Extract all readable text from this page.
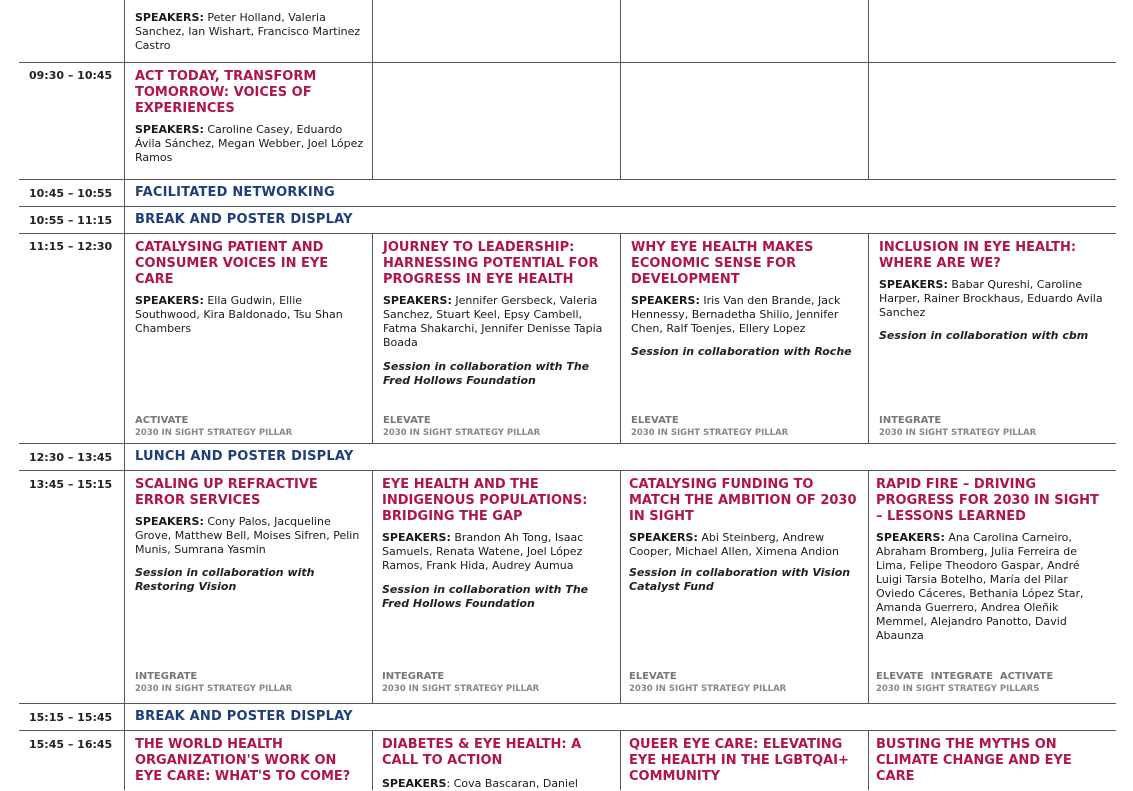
SPEAKERS: Peter Holland, Valeria Sanchez, Ian Wishart, Francisco Martinez Castro
09:30 – 10:45 ACT TODAY, TRANSFORM TOMORROW: VOICES OF EXPERIENCES
SPEAKERS: Caroline Casey, Eduardo Ávila Sánchez, Megan Webber, Joel López Ramos
10:45 – 10:55 FACILITATED NETWORKING
10:55 – 11:15 BREAK AND POSTER DISPLAY
11:15 – 12:30 CATALYSING PATIENT AND CONSUMER VOICES IN EYE CARE
SPEAKERS: Ella Gudwin, Ellie Southwood, Kira Baldonado, Tsu Shan Chambers
ACTIVATE
2030 IN SIGHT STRATEGY PILLAR
JOURNEY TO LEADERSHIP: HARNESSING POTENTIAL FOR PROGRESS IN EYE HEALTH
SPEAKERS: Jennifer Gersbeck, Valeria Sanchez, Stuart Keel, Epsy Cambell, Fatma Shakarchi, Jennifer Denisse Tapia Boada
Session in collaboration with The Fred Hollows Foundation
ELEVATE
2030 IN SIGHT STRATEGY PILLAR
WHY EYE HEALTH MAKES ECONOMIC SENSE FOR DEVELOPMENT
SPEAKERS: Iris Van den Brande, Jack Hennessy, Bernadetha Shilio, Jennifer Chen, Ralf Toenjes, Ellery Lopez
Session in collaboration with Roche
ELEVATE
2030 IN SIGHT STRATEGY PILLAR
INCLUSION IN EYE HEALTH: WHERE ARE WE?
SPEAKERS: Babar Qureshi, Caroline Harper, Rainer Brockhaus, Eduardo Avila Sanchez
Session in collaboration with cbm
INTEGRATE
2030 IN SIGHT STRATEGY PILLAR
12:30 – 13:45 LUNCH AND POSTER DISPLAY
13:45 – 15:15 SCALING UP REFRACTIVE ERROR SERVICES
SPEAKERS: Cony Palos, Jacqueline Grove, Matthew Bell, Moises Sifren, Pelin Munis, Sumrana Yasmin
Session in collaboration with Restoring Vision
INTEGRATE
2030 IN SIGHT STRATEGY PILLAR
EYE HEALTH AND THE INDIGENOUS POPULATIONS: BRIDGING THE GAP
SPEAKERS: Brandon Ah Tong, Isaac Samuels, Renata Watene, Joel López Ramos, Frank Hida, Audrey Aumua
Session in collaboration with The Fred Hollows Foundation
INTEGRATE
2030 IN SIGHT STRATEGY PILLAR
CATALYSING FUNDING TO MATCH THE AMBITION OF 2030 IN SIGHT
SPEAKERS: Abi Steinberg, Andrew Cooper, Michael Allen, Ximena Andion
Session in collaboration with Vision Catalyst Fund
ELEVATE
2030 IN SIGHT STRATEGY PILLAR
RAPID FIRE – DRIVING PROGRESS FOR 2030 IN SIGHT – LESSONS LEARNED
SPEAKERS: Ana Carolina Carneiro, Abraham Bromberg, Julia Ferreira de Lima, Felipe Theodoro Gaspar, André Luigi Tarsia Botelho, María del Pilar Oviedo Cáceres, Bethania López Star, Amanda Guerrero, Andrea Oleñik Memmel, Alejandro Panotto, David Abaunza
ELEVATE  INTEGRATE  ACTIVATE
2030 IN SIGHT STRATEGY PILLARS
15:15 – 15:45 BREAK AND POSTER DISPLAY
15:45 – 16:45 THE WORLD HEALTH ORGANIZATION'S WORK ON EYE CARE: WHAT'S TO COME?
DIABETES & EYE HEALTH: A CALL TO ACTION
SPEAKERS: Cova Bascaran, Daniel
QUEER EYE CARE: ELEVATING EYE HEALTH IN THE LGBTQAI+ COMMUNITY
BUSTING THE MYTHS ON CLIMATE CHANGE AND EYE CARE
